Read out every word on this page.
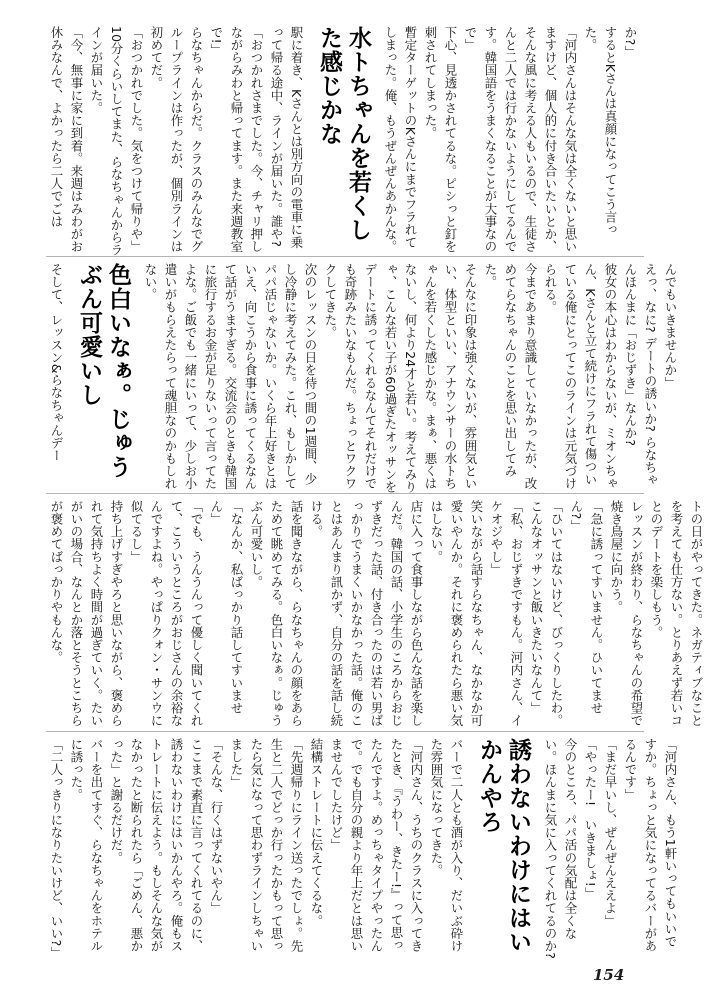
か?」

するとKさんは真顔になってこう言った。

「河内さんはそんな気は全くないと思いますけど、個人的に付き合いたいとか、そんな風に考える人もいるので、生徒さんと二人では行かないようにしてるんです。韓国語をうまくなることが大事なので」

下心、見透かされてるな。ピシっと釘を刺されてしまった。

暫定ターゲットのKさんにまでフラれてしまった。俺、もうぜんぜんあかんな。

水トちゃんを若くした感じかな

駅に着き、Kさんとは別方向の電車に乗って帰る途中、ラインが届いた。誰や?

「おつかれさまでした。今、チャリ押しながらみわと帰ってます。また来週教室で!」

らなちゃんからだ。クラスのみんなでグループラインは作ったが、個別ラインは初めてだ。

「おつかれでした。気をつけて帰りや」

10分くらいしてまた、らなちゃんからラインが届いた。

「今、無事に家に到着。来週はみわがお休みなんで、よかったら二人でごは

んでもいきませんか」

えっ、なに? デートの誘いか? らなちゃんほんまに「おじずき」なんか?

彼女の本心はわからないが、ミオンちゃん、Kさんと立て続けにフラれて傷ついている俺にとってこのラインは元気づけられる。

今まであまり意識していなかったが、改めてらなちゃんのことを思い出してみた。

そんなに印象は強くないが、雰囲気といい、体型といい、アナウンサーの水トちゃんを若くした感じかな。まぁ、悪くはないし、何より24才と若い。考えてみりゃ、こんな若い子が60過ぎたオッサンをデートに誘ってくれるなんてそれだけでも奇跡みたいなもんだ。ちょっとワクワクしてきた。

次のレッスンの日を待つ間の1週間、少し冷静に考えてみた。これ、もしかしてパパ活じゃないか。いくら年上好きとはいえ、向こうから食事に誘ってくるなんて話がうますぎる。交流会のときも韓国に旅行するお金が足りないって言ってたよな。ご飯でも一緒にいって、少しお小遣いがもらえたらって魂胆なのかもしれない。

色白いなぁ。じゅうぶん可愛いし

そして、レッスン&らなちゃんデー

トの日がやってきた。ネガティブなことを考えても仕方ない。とりあえず若いコとのデートを楽しもう。

レッスンが終わり、らなちゃんの希望で焼き鳥屋に向かう。

「急に誘ってすいません。ひいてません?」

「ひいてはないけど、びっくりしたわ。こんなオッサンと飯いきたいなんて」

「私、おじずきですもん。河内さん、イケオジやし」

笑いながら話すらなちゃん、なかなか可愛いやんか。それに褒められたら悪い気はしない。

店に入って食事しながら色んな話を楽しんだ。韓国の話、小学生のころからおじずきだった話、付き合ったのは若い男ばっかりでうまくいかなかった話。俺のことはあんまり訊かず、自分の話を話し続ける。

話を聞きながら、らなちゃんの顔をあらためて眺めてみる。色白いなぁ。じゅうぶん可愛いし。

「なんか、私ばっかり話してすいません」

「でも、うんうんって優しく聞いてくれて、こういうところがおじさんの余裕なんですよね。やっぱりクォン・サンウに似てるし」

持ち上げすぎやろと思いながら、褒められて気持ちよく時間が過ぎていく。たいがいの場合、なんとか落とそうとこちらが褒めてばっかりやもんな。

「河内さん、もう1軒いってもいいですか。ちょっと気になってるバーがあるんです」

「まだ早いし、ぜんぜんええよ」

「やったー!　いきましょ!」

今のところ、パパ活の気配は全くない。ほんまに気に入ってくれてるのか?

誘わないわけにはいかんやろ

バーで二人とも酒が入り、だいぶ砕けた雰囲気になってきた。

「河内さん、うちのクラスに入ってきたとき、『うわー、きたー!』って思ったんですよ。めっちゃタイプやったんで。でも自分の親より年上だとは思いませんでしたけど」

結構ストレートに伝えてくるな。

「先週帰りにライン送ったでしょ。先生と二人でどっか行ったかもって思ったら気になって思わずラインしちゃいました」

「そんな、行くはずないやん」

ここまで素直に言ってくれてるのに、誘わないわけにはいかんやろ。俺もストレートに伝えよう。もしそんな気がなかったと断られたら「ごめん、悪かった」と謝るだけだ。

バーを出てすぐ、らなちゃんをホテルに誘った。

「二人っきりになりたいけど、いい?」

154
